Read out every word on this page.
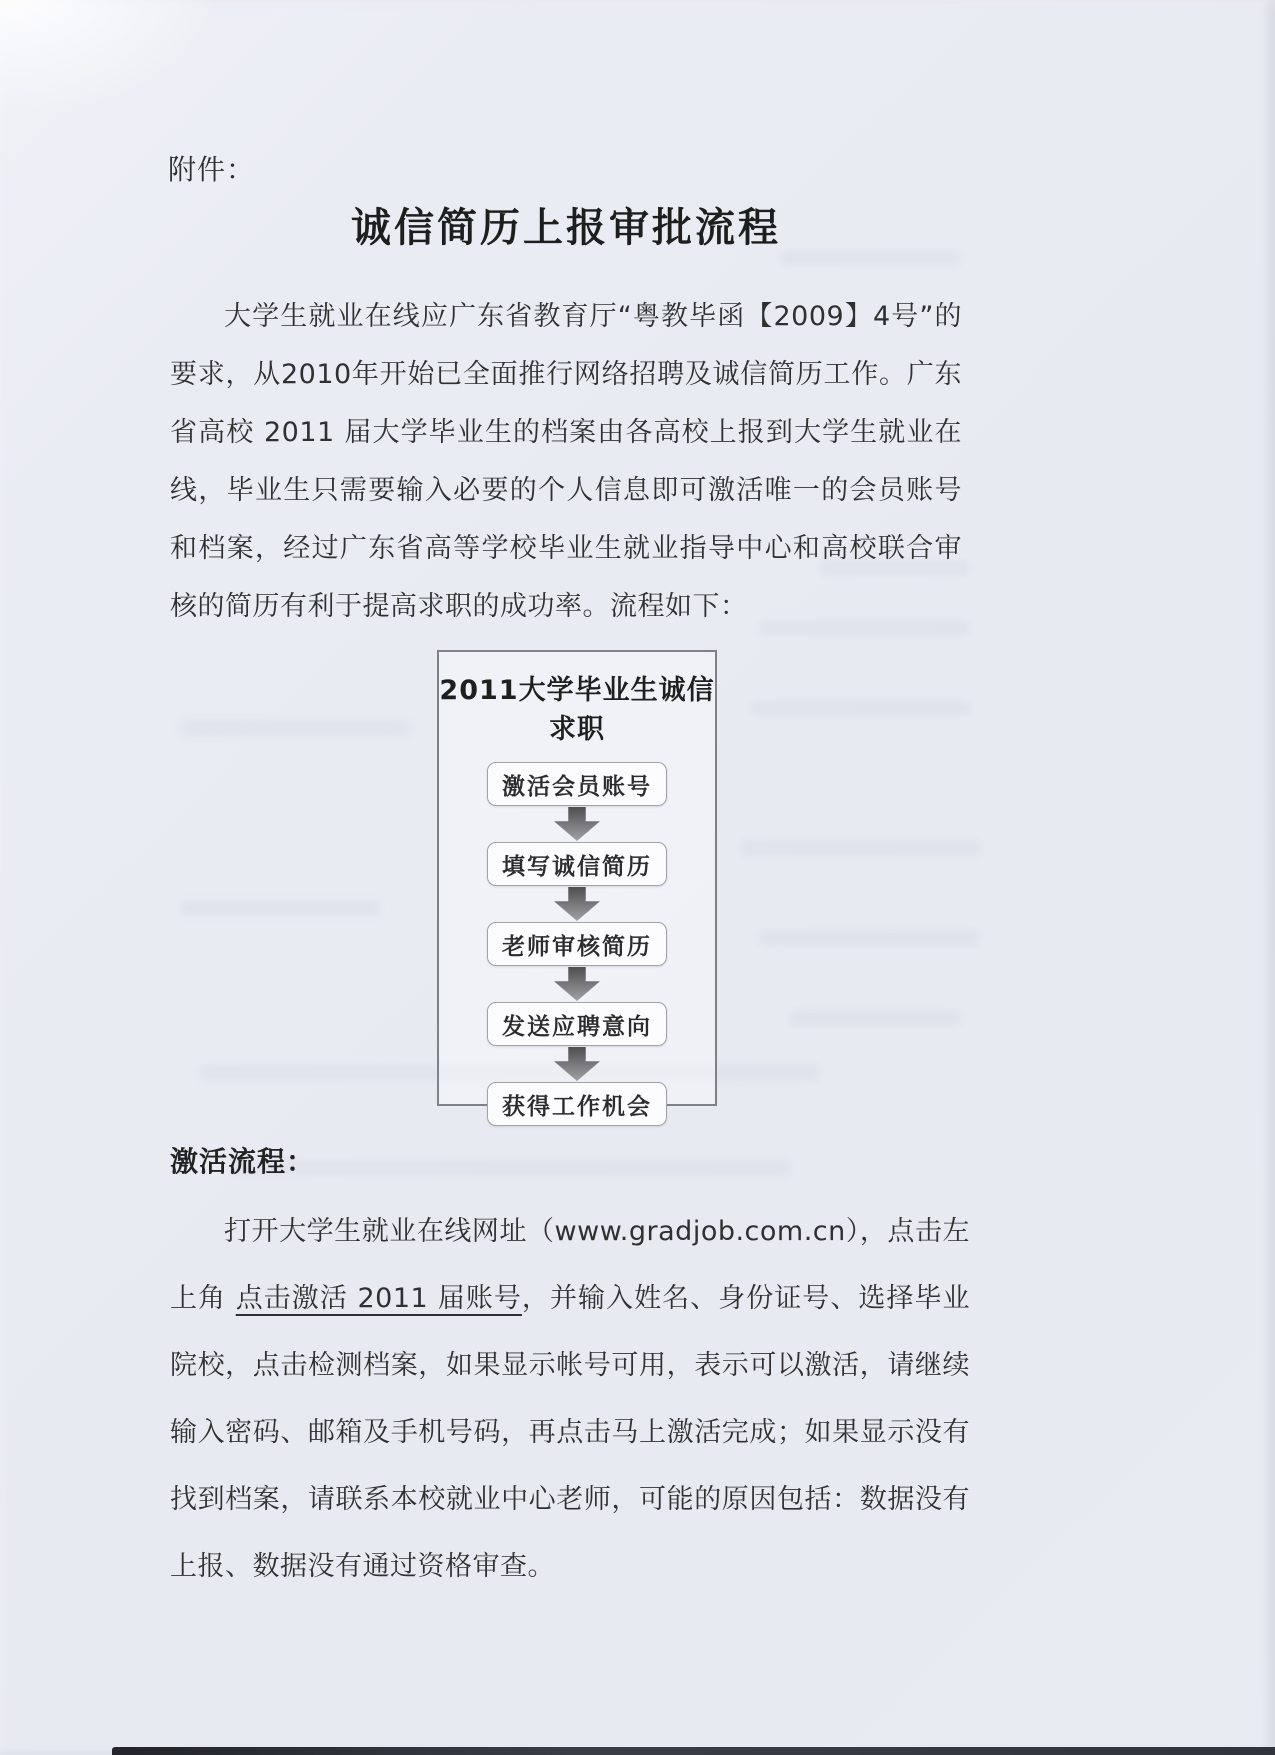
附件：
诚信简历上报审批流程

大学生就业在线应广东省教育厅“粤教毕函【2009】4号”的要求，从2010年开始已全面推行网络招聘及诚信简历工作。广东省高校 2011 届大学毕业生的档案由各高校上报到大学生就业在线，毕业生只需要输入必要的个人信息即可激活唯一的会员账号和档案，经过广东省高等学校毕业生就业指导中心和高校联合审核的简历有利于提高求职的成功率。流程如下：

2011大学毕业生诚信求职
激活会员账号
填写诚信简历
老师审核简历
发送应聘意向
获得工作机会
激活流程：

打开大学生就业在线网址（www.gradjob.com.cn），点击左上角 点击激活 2011 届账号，并输入姓名、身份证号、选择毕业院校，点击检测档案，如果显示帐号可用，表示可以激活，请继续输入密码、邮箱及手机号码，再点击马上激活完成；如果显示没有找到档案，请联系本校就业中心老师，可能的原因包括：数据没有上报、数据没有通过资格审查。
